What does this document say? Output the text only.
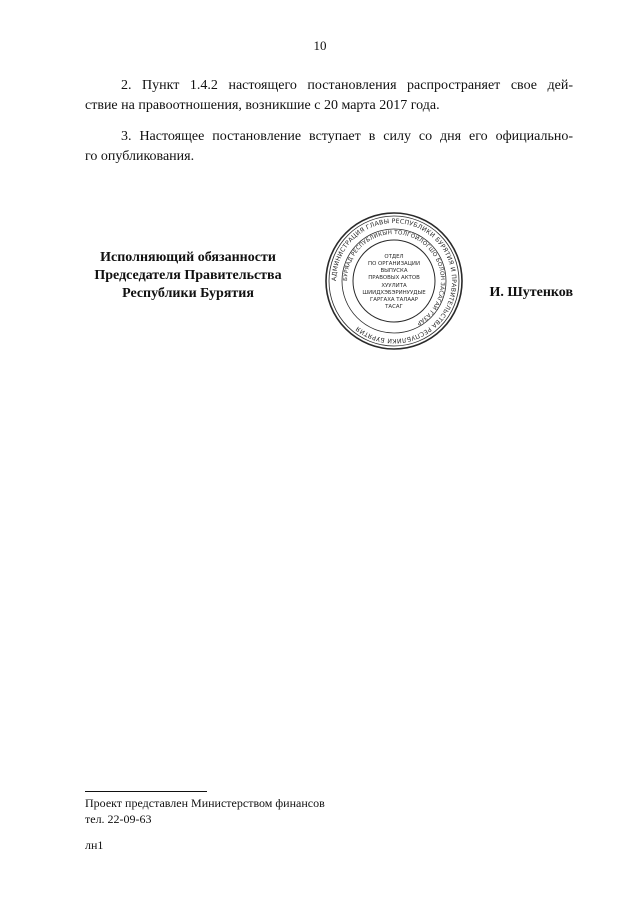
10
2. Пункт 1.4.2 настоящего постановления распространяет свое дей-
ствие на правоотношения, возникшие с 20 марта 2017 года.
3. Настоящее постановление вступает в силу со дня его официально-
го опубликования.
Исполняющий обязанности
Председателя Правительства
Республики Бурятия
АДМИНИСТРАЦИЯ ГЛАВЫ РЕСПУБЛИКИ БУРЯТИЯ И ПРАВИТЕЛЬСТВА РЕСПУБЛИКИ БУРЯТИЯ
БУРЯАД РЕСПУБЛИКЫН ТОЛГОЙЛОГШО БОЛОН ЗАСАГАЙ ГАЗАР
ОТДЕЛ
ПО ОРГАНИЗАЦИИ
ВЫПУСКА
ПРАВОВЫХ АКТОВ
ХУУЛИТА
ШИИДХЭБЭРИНУУДЫЕ
ГАРГАХА ТАЛААР
ТАСАГ
И. Шутенков
Проект представлен Министерством финансов
тел. 22-09-63
лн1
